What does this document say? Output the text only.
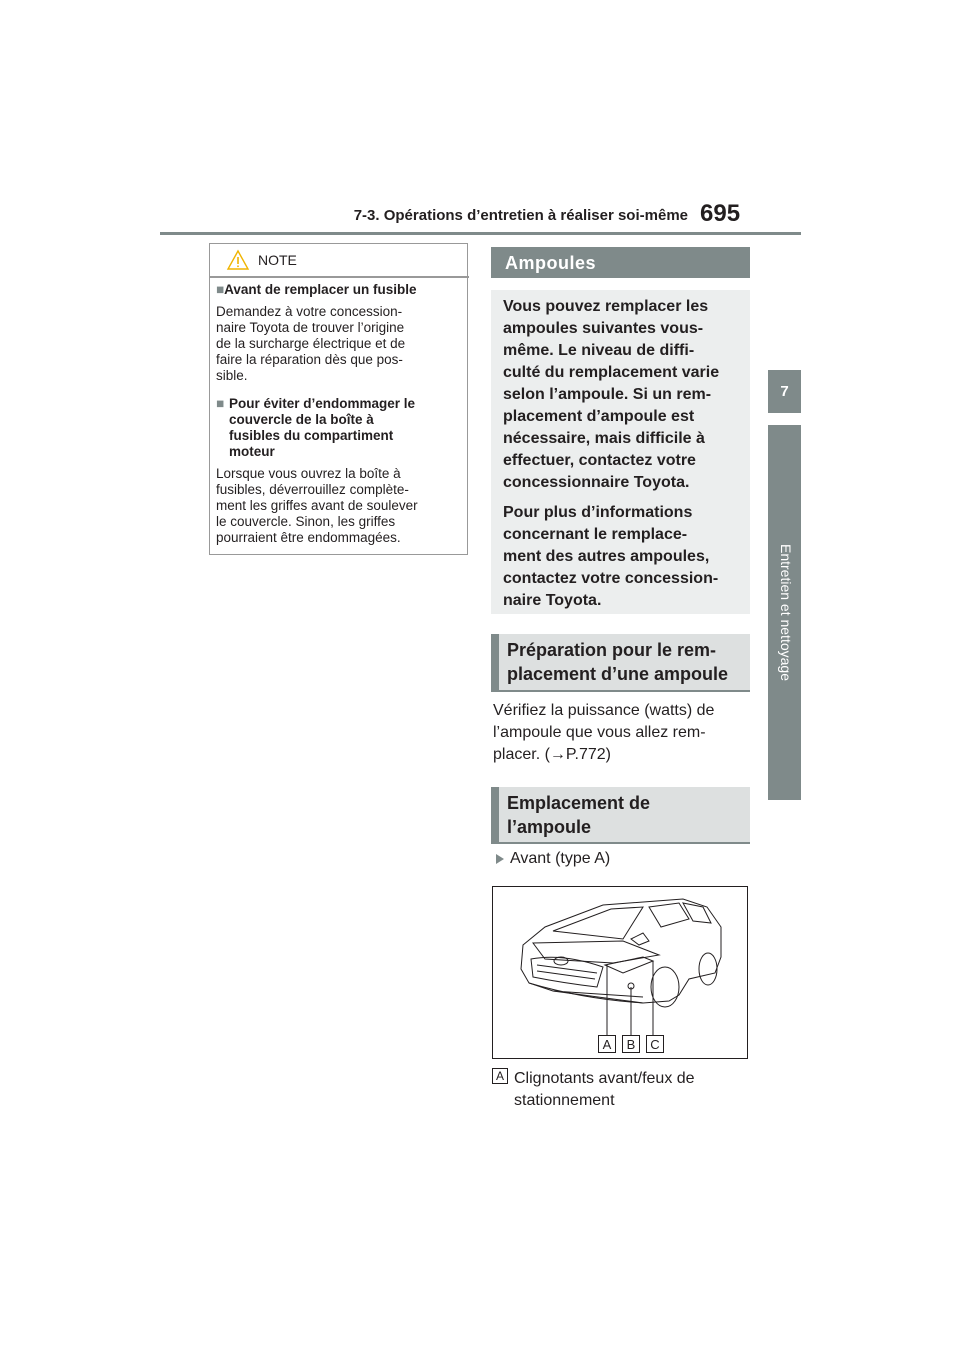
7-3. Opérations d’entretien à réaliser soi-même 695
7
Entretien et nettoyage
NOTE
■Avant de remplacer un fusible
Demandez à votre concession-
naire Toyota de trouver l’origine
de la surcharge électrique et de
faire la réparation dès que pos-
sible.
■ Pour éviter d’endommager le
couvercle de la boîte à
fusibles du compartiment
moteur
Lorsque vous ouvrez la boîte à
fusibles, déverrouillez complète-
ment les griffes avant de soulever
le couvercle. Sinon, les griffes
pourraient être endommagées.
Ampoules

Vous pouvez remplacer les
ampoules suivantes vous-
même. Le niveau de diffi-
culté du remplacement varie
selon l’ampoule. Si un rem-
placement d’ampoule est
nécessaire, mais difficile à
effectuer, contactez votre
concessionnaire Toyota.

Pour plus d’informations
concernant le remplace-
ment des autres ampoules,
contactez votre concession-
naire Toyota.

Préparation pour le rem-
placement d’une ampoule
Vérifiez la puissance (watts) de
l’ampoule que vous allez rem-
placer. (→P.772)
Emplacement de
l’ampoule
Avant (type A)
A	B	C
A Clignotants avant/feux de
stationnement
